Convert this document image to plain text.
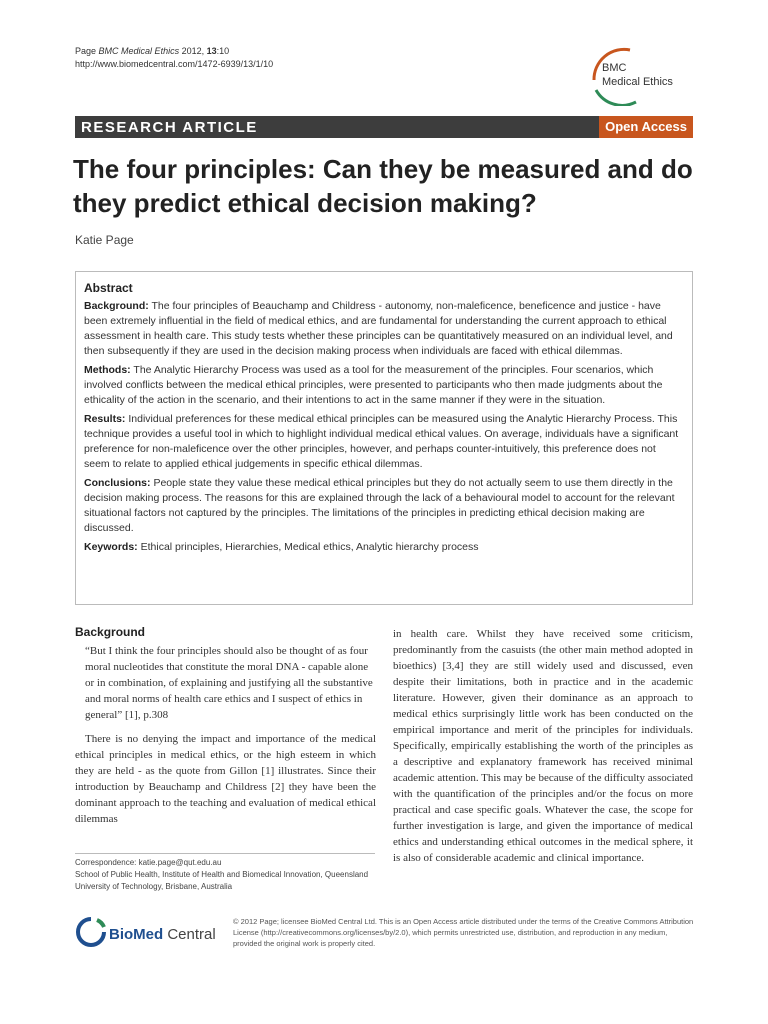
Page BMC Medical Ethics 2012, 13:10
http://www.biomedcentral.com/1472-6939/13/1/10	BMC
Medical Ethics
RESEARCH ARTICLE	Open Access
The four principles: Can they be measured and do they predict ethical decision making?
Katie Page
Abstract

Background: The four principles of Beauchamp and Childress - autonomy, non-maleficence, beneficence and justice - have been extremely influential in the field of medical ethics, and are fundamental for understanding the current approach to ethical assessment in health care. This study tests whether these principles can be quantitatively measured on an individual level, and then subsequently if they are used in the decision making process when individuals are faced with ethical dilemmas.

Methods: The Analytic Hierarchy Process was used as a tool for the measurement of the principles. Four scenarios, which involved conflicts between the medical ethical principles, were presented to participants who then made judgments about the ethicality of the action in the scenario, and their intentions to act in the same manner if they were in the situation.

Results: Individual preferences for these medical ethical principles can be measured using the Analytic Hierarchy Process. This technique provides a useful tool in which to highlight individual medical ethical values. On average, individuals have a significant preference for non-maleficence over the other principles, however, and perhaps counter-intuitively, this preference does not seem to relate to applied ethical judgements in specific ethical dilemmas.

Conclusions: People state they value these medical ethical principles but they do not actually seem to use them directly in the decision making process. The reasons for this are explained through the lack of a behavioural model to account for the relevant situational factors not captured by the principles. The limitations of the principles in predicting ethical decision making are discussed.

Keywords: Ethical principles, Hierarchies, Medical ethics, Analytic hierarchy process

Background
“But I think the four principles should also be thought of as four moral nucleotides that constitute the moral DNA - capable alone or in combination, of explaining and justifying all the substantive and moral norms of health care ethics and I suspect of ethics in general” [1], p.308

There is no denying the impact and importance of the medical ethical principles in medical ethics, or the high esteem in which they are held - as the quote from Gillon [1] illustrates. Since their introduction by Beauchamp and Childress [2] they have been the dominant approach to the teaching and evaluation of medical ethical dilemmas

in health care. Whilst they have received some criticism, predominantly from the casuists (the other main method adopted in bioethics) [3,4] they are still widely used and discussed, even despite their limitations, both in practice and in the academic literature. However, given their dominance as an approach to medical ethics surprisingly little work has been conducted on the empirical importance and merit of the principles for individuals. Specifically, empirically establishing the worth of the principles as a descriptive and explanatory framework has received minimal academic attention. This may be because of the difficulty associated with the quantification of the principles and/or the focus on more practical and case specific goals. Whatever the case, the scope for further investigation is large, and given the importance of medical ethics and understanding ethical outcomes in the medical sphere, it is also of considerable academic and clinical importance.
Correspondence: katie.page@qut.edu.au
School of Public Health, Institute of Health and Biomedical Innovation, Queensland University of Technology, Brisbane, Australia
BioMed Central
© 2012 Page; licensee BioMed Central Ltd. This is an Open Access article distributed under the terms of the Creative Commons Attribution License (http://creativecommons.org/licenses/by/2.0), which permits unrestricted use, distribution, and reproduction in any medium, provided the original work is properly cited.
